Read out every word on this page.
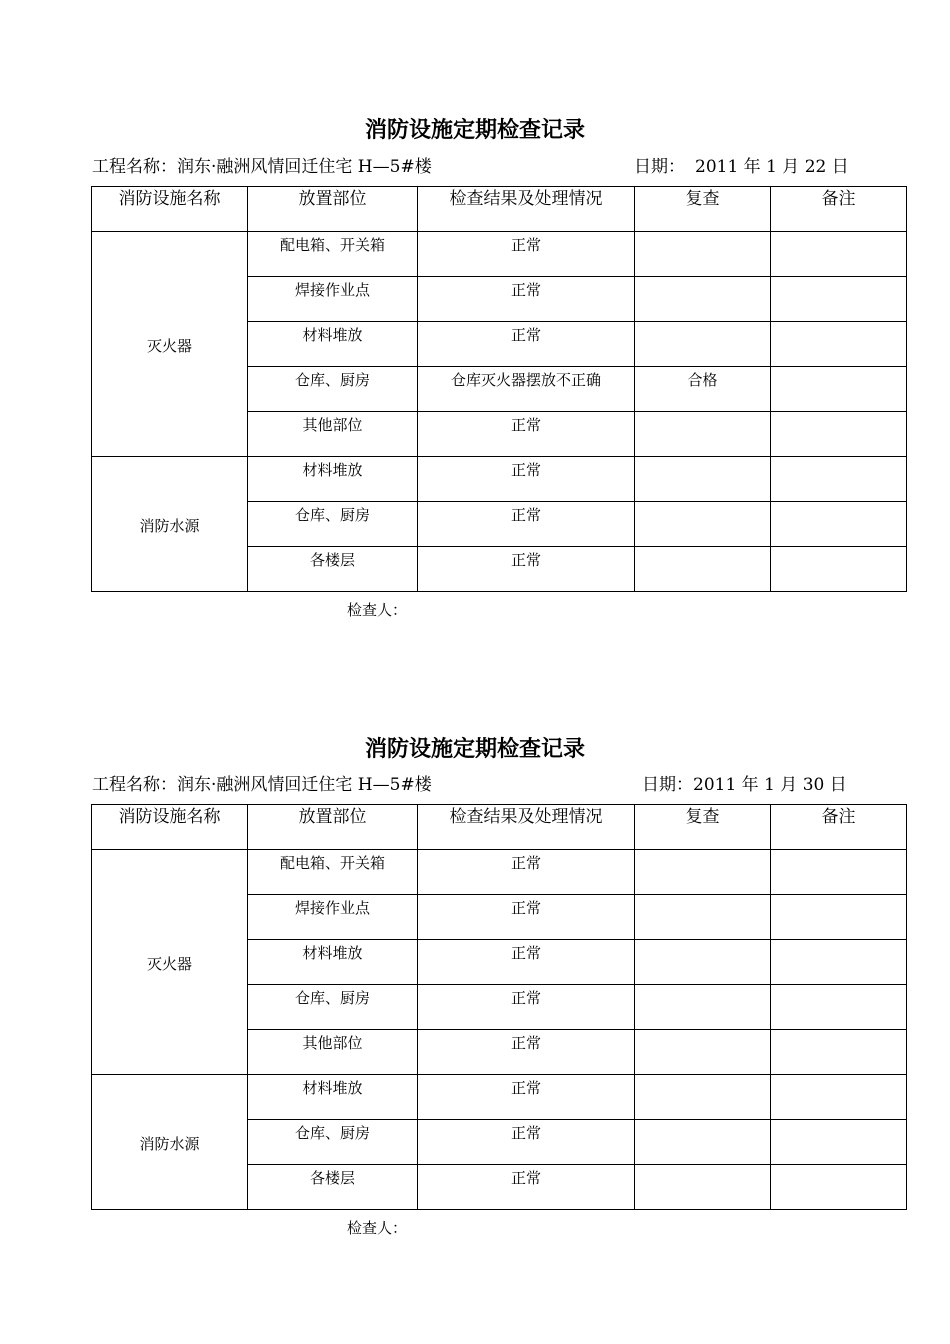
消防设施定期检查记录
工程名称：润东·融洲风情回迁住宅 H—5#楼	日期： 2011 年 1 月 22 日
消防设施名称	放置部位	检查结果及处理情况	复查	备注
灭火器	配电箱、开关箱	正常		
	焊接作业点	正常		
	材料堆放	正常		
	仓库、厨房	仓库灭火器摆放不正确	合格	
	其他部位	正常		
消防水源	材料堆放	正常		
	仓库、厨房	正常		
	各楼层	正常		
检查人：
消防设施定期检查记录
工程名称：润东·融洲风情回迁住宅 H—5#楼	日期：2011 年 1 月 30 日
消防设施名称	放置部位	检查结果及处理情况	复查	备注
灭火器	配电箱、开关箱	正常		
	焊接作业点	正常		
	材料堆放	正常		
	仓库、厨房	正常		
	其他部位	正常		
消防水源	材料堆放	正常		
	仓库、厨房	正常		
	各楼层	正常		
检查人：
